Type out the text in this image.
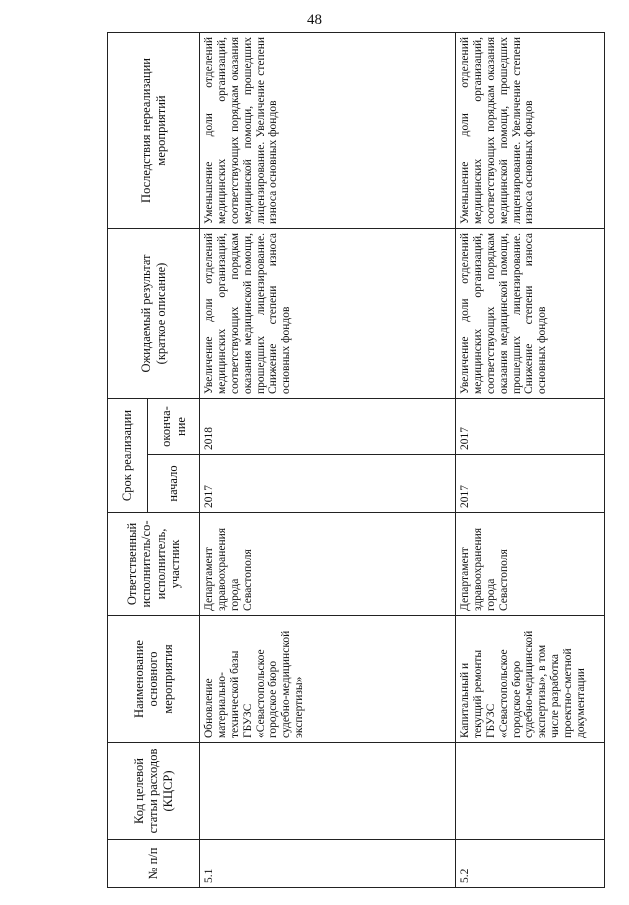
48
№ п/п	Код целевой статьи расходов (КЦСР)	Наименование основного мероприятия	Ответственный исполнитель/со-исполнитель, участник	Срок реализации		Ожидаемый результат (краткое описание)	Последствия нереализации мероприятий
				начало	оконча-ние		
5.1		Обновление материально-технической базы ГБУЗС «Севастопольское городское бюро судебно-медицинской экспертизы»	Департамент здравоохранения города Севастополя	2017	2018	Увеличение доли отделений медицинских организаций, соответствующих порядкам оказания медицинской помощи, прошедших лицензирование. Снижение степени износа основных фондов	Уменьшение доли отделений медицинских организаций, соответствующих порядкам оказания медицинской помощи, прошедших лицензирование. Увеличение степени износа основных фондов
5.2		Капитальный и текущий ремонты ГБУЗС «Севастопольское городское бюро судебно-медицинской экспертизы», в том числе разработка проектно-сметной документации	Департамент здравоохранения города Севастополя	2017	2017	Увеличение доли отделений медицинских организаций, соответствующих порядкам оказания медицинской помощи, прошедших лицензирование. Снижение степени износа основных фондов	Уменьшение доли отделений медицинских организаций, соответствующих порядкам оказания медицинской помощи, прошедших лицензирование. Увеличение степени износа основных фондов
